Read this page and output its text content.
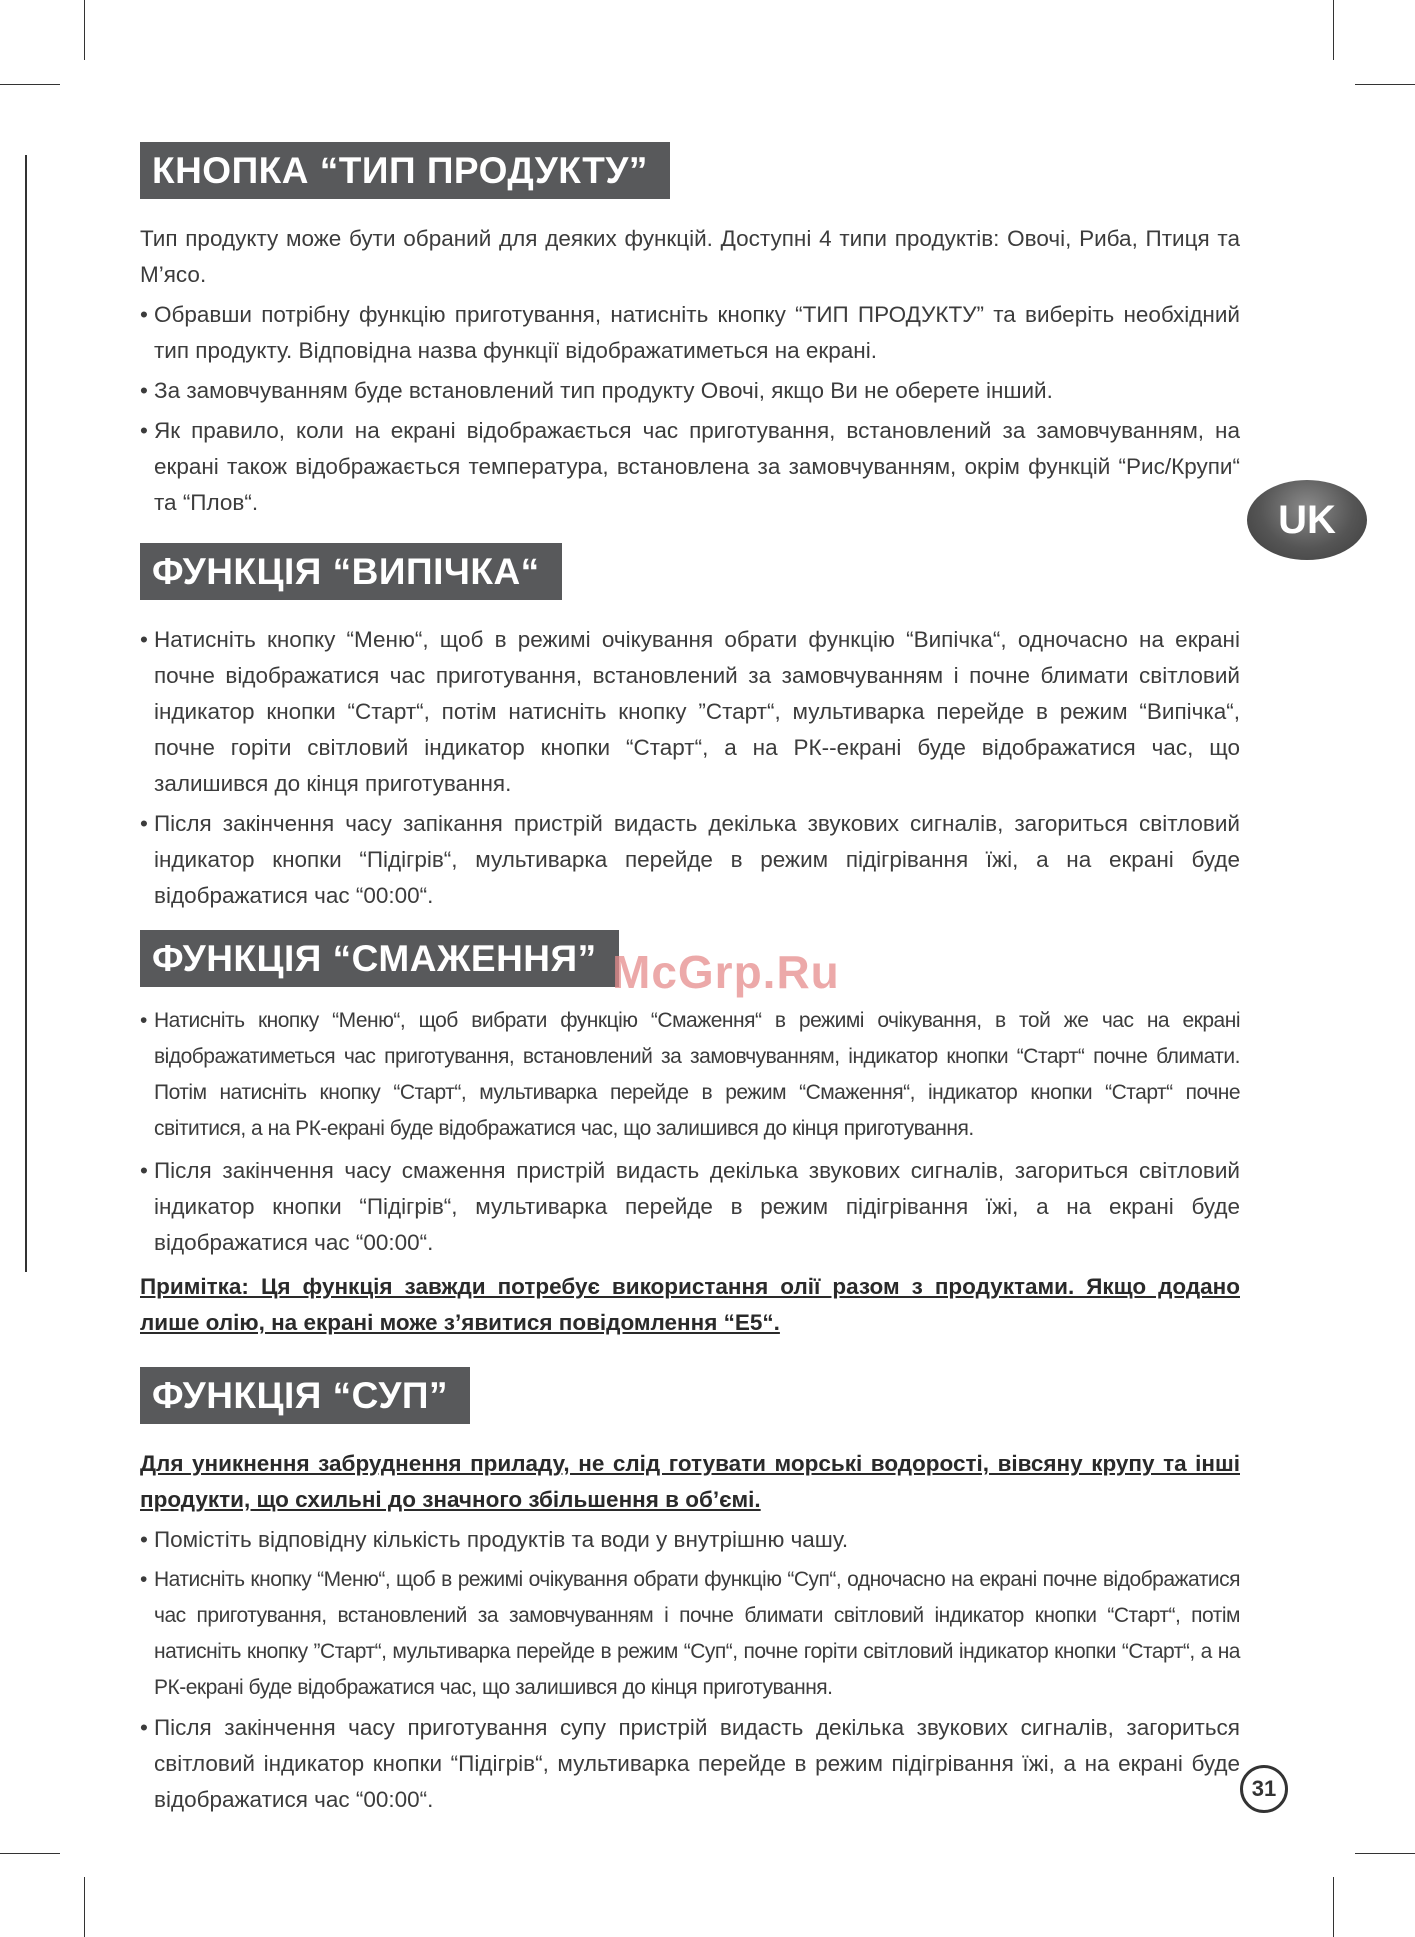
UK
КНОПКА “ТИП ПРОДУКТУ”

Тип продукту може бути обраний для деяких функцій. Доступні 4 типи продуктів: Овочі, Риба, Птиця та М’ясо.

• Обравши потрібну функцію приготування, натисніть кнопку “ТИП ПРОДУКТУ” та виберіть необхідний тип продукту. Відповідна назва функції відображатиметься на екрані.

• За замовчуванням буде встановлений тип продукту Овочі, якщо Ви не оберете інший.

• Як правило, коли на екрані відображається час приготування, встановлений за замовчуванням, на екрані також відображається температура, встановлена за замовчуванням, окрім функцій “Рис/Крупи“ та “Плов“.

ФУНКЦІЯ “ВИПІЧКА“

• Натисніть кнопку “Меню“, щоб в режимі очікування обрати функцію “Випічка“, одночасно на екрані почне відображатися час приготування, встановлений за замовчуванням і почне блимати світловий індикатор кнопки “Старт“, потім натисніть кнопку ”Старт“, мультиварка перейде в режим “Випічка“, почне горіти світловий індикатор кнопки “Старт“, а на РК--екрані буде відображатися час, що залишився до кінця приготування.

• Після закінчення часу запікання пристрій видасть декілька звукових сигналів, загориться світловий індикатор кнопки “Підігрів“, мультиварка перейде в режим підігрівання їжі, а на екрані буде відображатися час “00:00“.

ФУНКЦІЯ “СМАЖЕННЯ”

• Натисніть кнопку “Меню“, щоб вибрати функцію “Смаження“ в режимі очікування, в той же час на екрані відображатиметься час приготування, встановлений за замовчуванням, індикатор кнопки “Старт“ почне блимати. Потім натисніть кнопку “Старт“, мультиварка перейде в режим “Смаження“, індикатор кнопки “Старт“ почне світитися, а на РК-екрані буде відображатися час, що залишився до кінця приготування.

• Після закінчення часу смаження пристрій видасть декілька звукових сигналів, загориться світловий індикатор кнопки “Підігрів“, мультиварка перейде в режим підігрівання їжі, а на екрані буде відображатися час “00:00“.

Примітка: Ця функція завжди потребує використання олії разом з продуктами. Якщо додано лише олію, на екрані може з’явитися повідомлення “E5“.

ФУНКЦІЯ “СУП”

Для уникнення забруднення приладу, не слід готувати морські водорості, вівсяну крупу та інші продукти, що схильні до значного збільшення в об’ємі.

• Помістіть відповідну кількість продуктів та води у внутрішню чашу.

• Натисніть кнопку “Меню“, щоб в режимі очікування обрати функцію “Суп“, одночасно на екрані почне відображатися час приготування, встановлений за замовчуванням і почне блимати світловий індикатор кнопки “Старт“, потім натисніть кнопку ”Старт“, мультиварка перейде в режим “Суп“, почне горіти світловий індикатор кнопки “Старт“, а на РК-екрані буде відображатися час, що залишився до кінця приготування.

• Після закінчення часу приготування супу пристрій видасть декілька звукових сигналів, загориться світловий індикатор кнопки “Підігрів“, мультиварка перейде в режим підігрівання їжі, а на екрані буде відображатися час “00:00“.

McGrp.Ru
31
